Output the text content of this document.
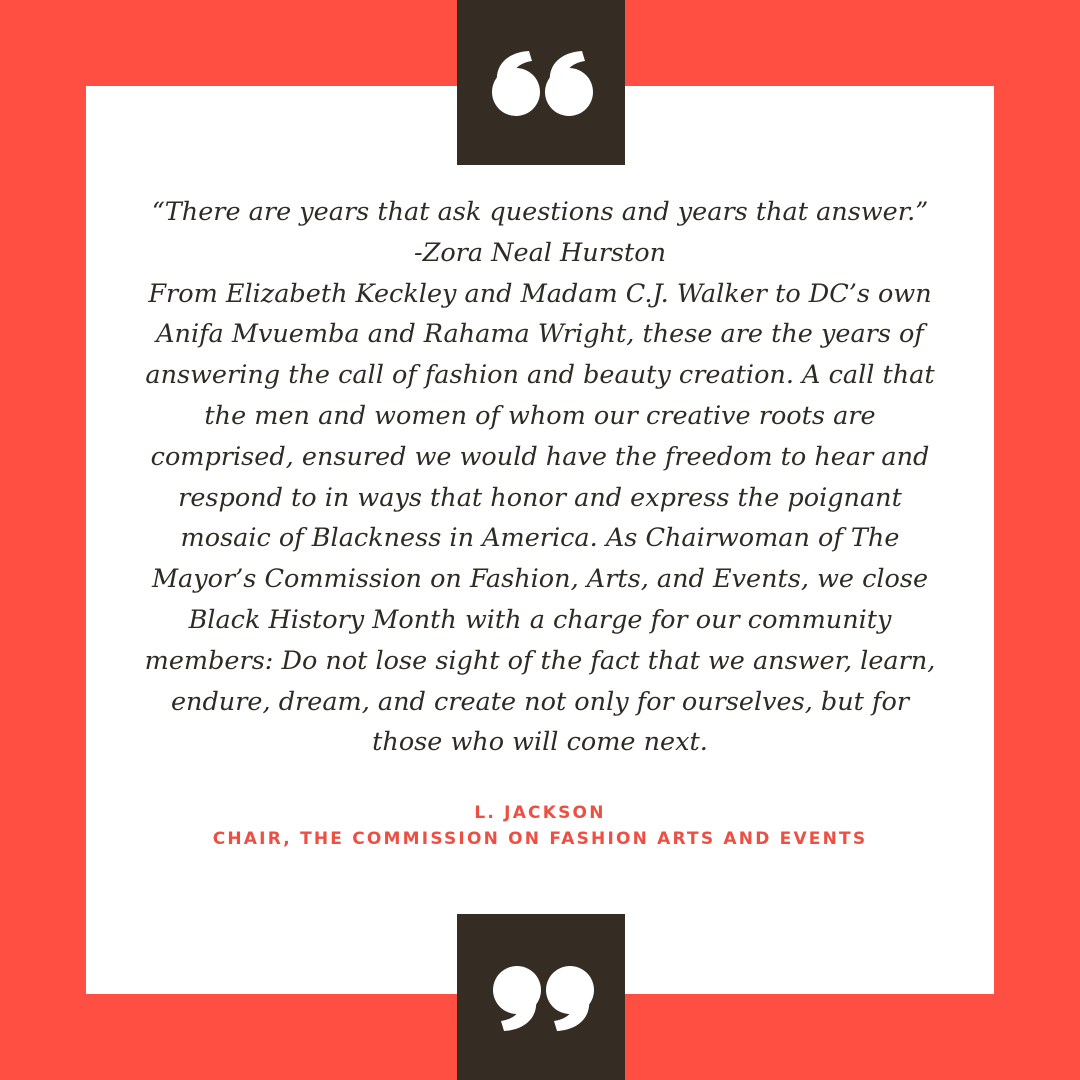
“There are years that ask questions and years that answer.”
-Zora Neal Hurston
From Elizabeth Keckley and Madam C.J. Walker to DC’s own
Anifa Mvuemba and Rahama Wright, these are the years of
answering the call of fashion and beauty creation. A call that
the men and women of whom our creative roots are
comprised, ensured we would have the freedom to hear and
respond to in ways that honor and express the poignant
mosaic of Blackness in America. As Chairwoman of The
Mayor’s Commission on Fashion, Arts, and Events, we close
Black History Month with a charge for our community
members: Do not lose sight of the fact that we answer, learn,
endure, dream, and create not only for ourselves, but for
those who will come next.
L. JACKSON
CHAIR, THE COMMISSION ON FASHION ARTS AND EVENTS
